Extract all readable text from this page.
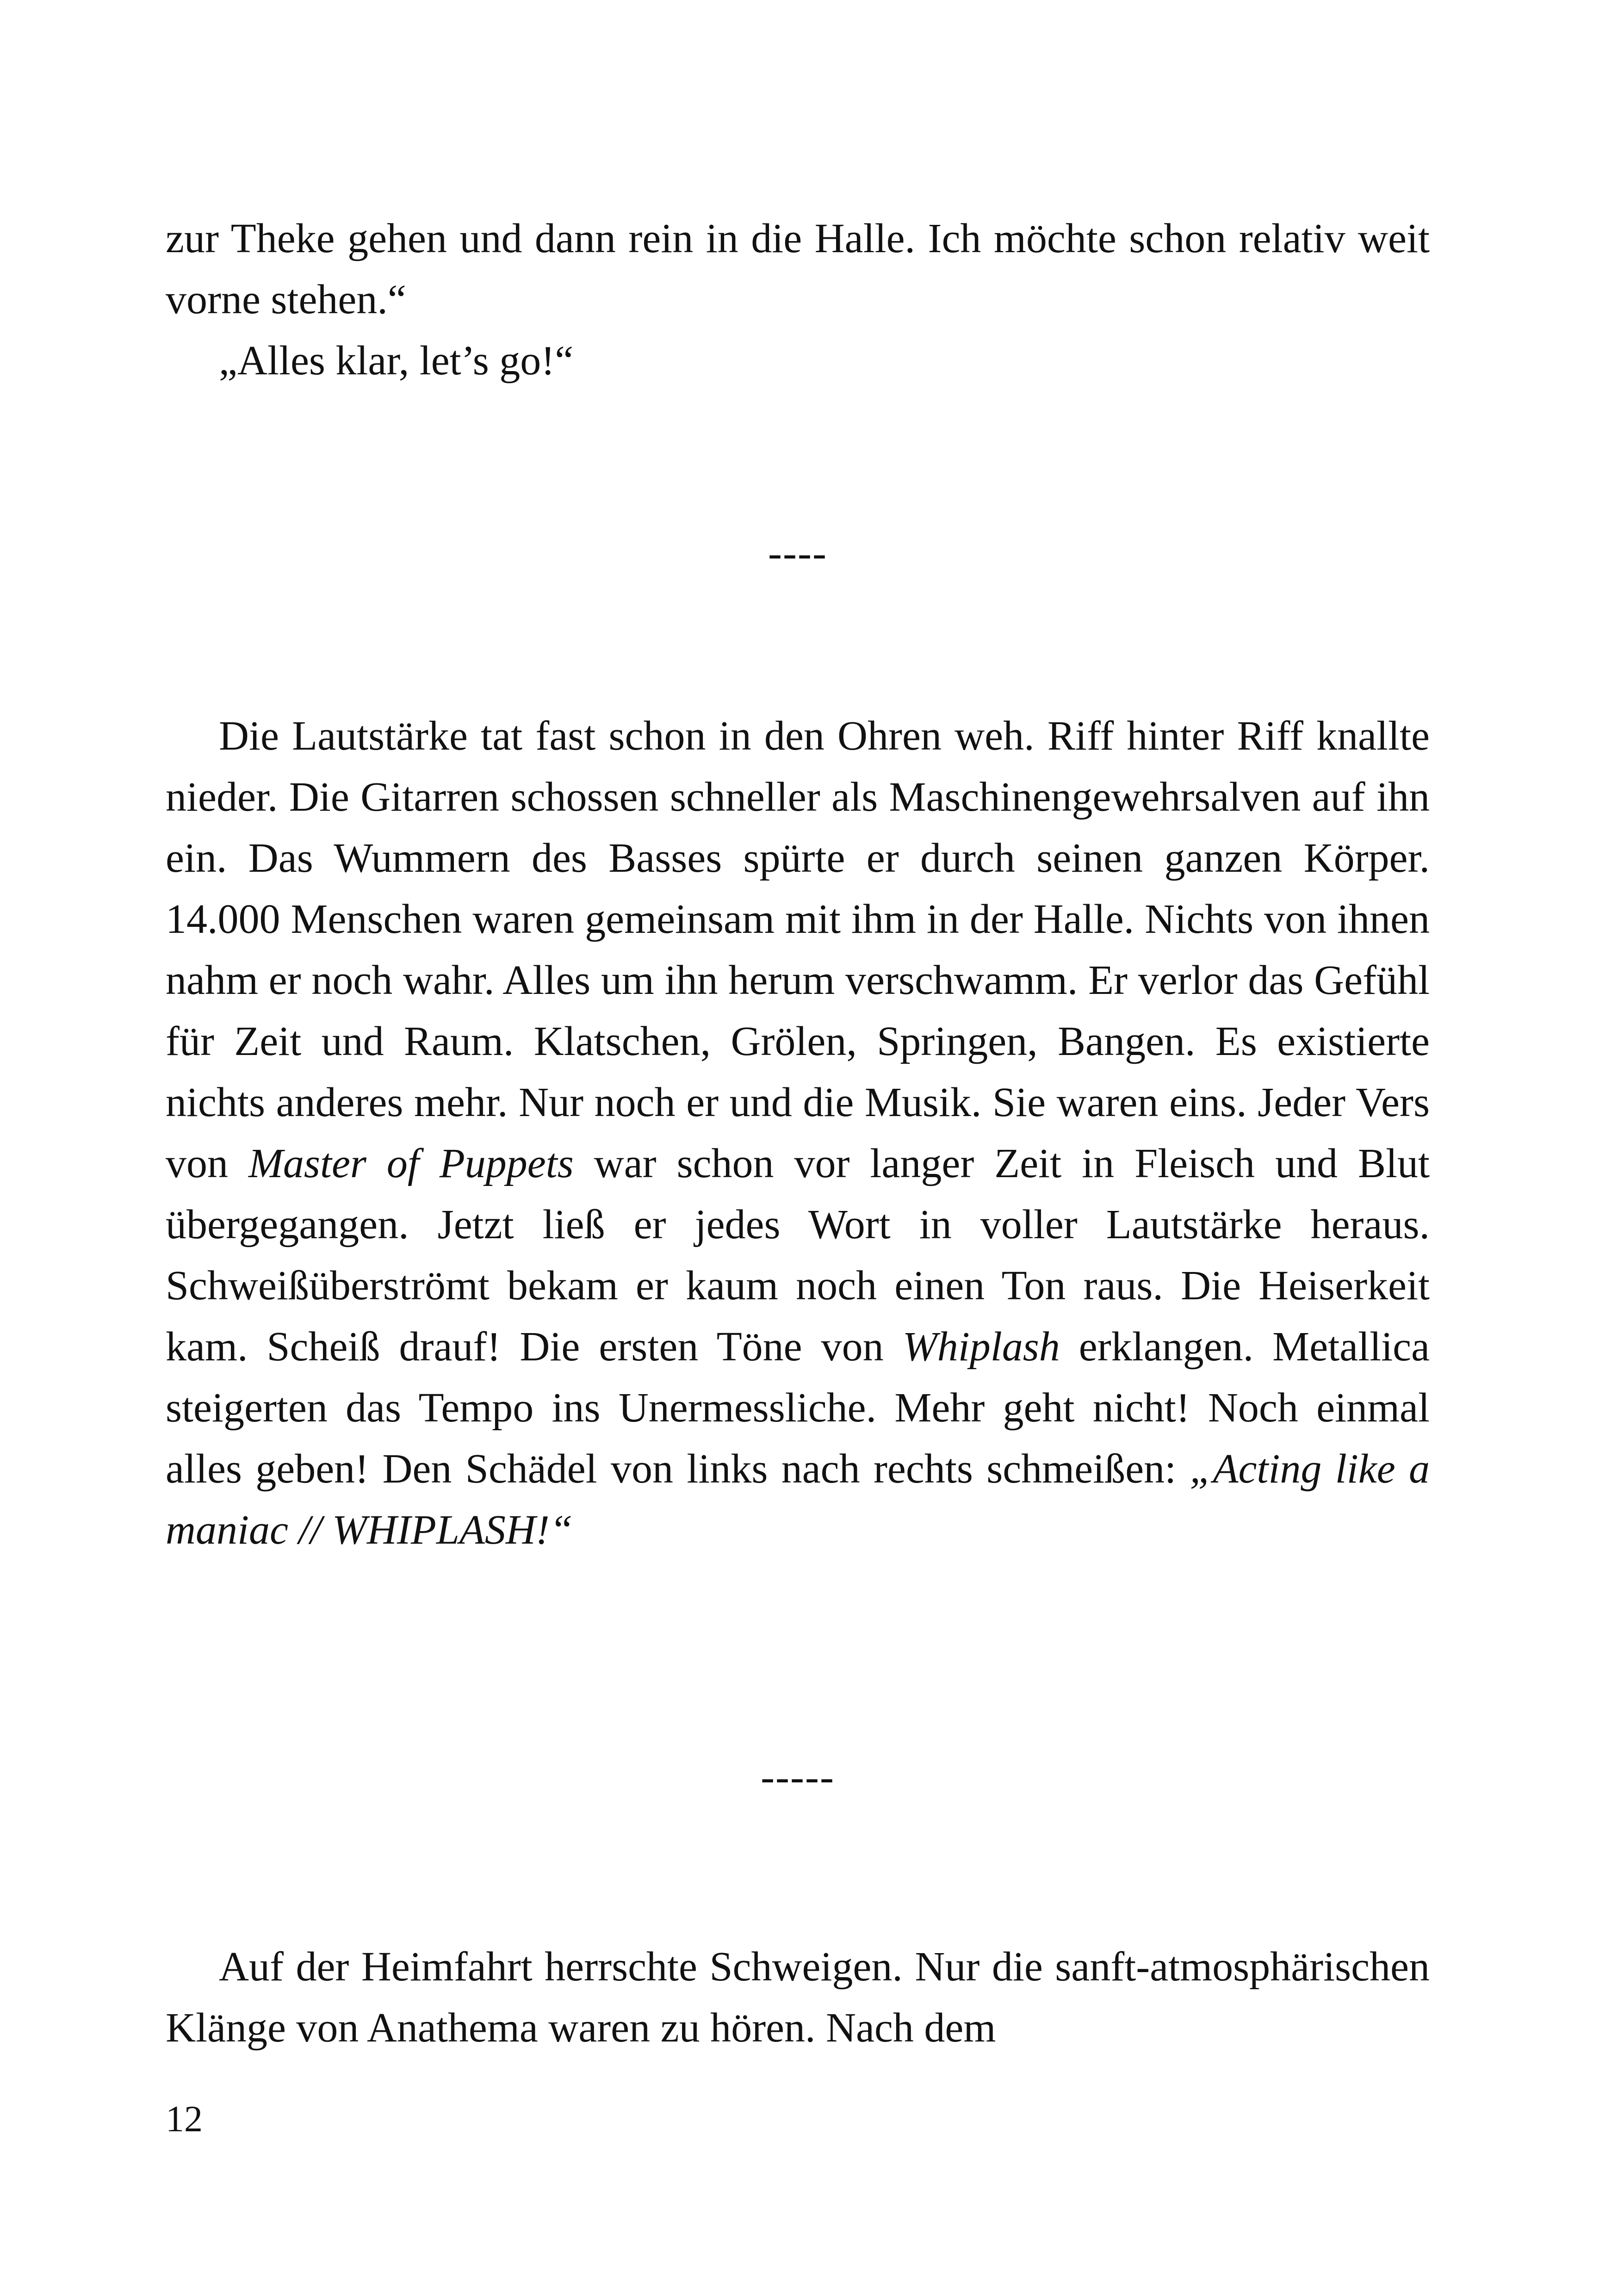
zur Theke gehen und dann rein in die Halle. Ich möchte schon relativ weit vorne stehen.“

„Alles klar, let’s go!“

----

Die Lautstärke tat fast schon in den Ohren weh. Riff hinter Riff knallte nieder. Die Gitarren schossen schneller als Maschinengewehrsalven auf ihn ein. Das Wummern des Basses spürte er durch seinen ganzen Körper. 14.000 Menschen waren gemeinsam mit ihm in der Halle. Nichts von ihnen nahm er noch wahr. Alles um ihn herum verschwamm. Er verlor das Gefühl für Zeit und Raum. Klatschen, Grölen, Springen, Bangen. Es existierte nichts anderes mehr. Nur noch er und die Musik. Sie waren eins. Jeder Vers von Master of Puppets war schon vor langer Zeit in Fleisch und Blut übergegangen. Jetzt ließ er jedes Wort in voller Lautstärke heraus. Schweißüberströmt bekam er kaum noch einen Ton raus. Die Heiserkeit kam. Scheiß drauf! Die ersten Töne von Whiplash erklangen. Metallica steigerten das Tempo ins Unermessliche. Mehr geht nicht! Noch einmal alles geben! Den Schädel von links nach rechts schmeißen: „Acting like a maniac // WHIPLASH!“

-----

Auf der Heimfahrt herrschte Schweigen. Nur die sanft-atmosphärischen Klänge von Anathema waren zu hören. Nach dem

12
